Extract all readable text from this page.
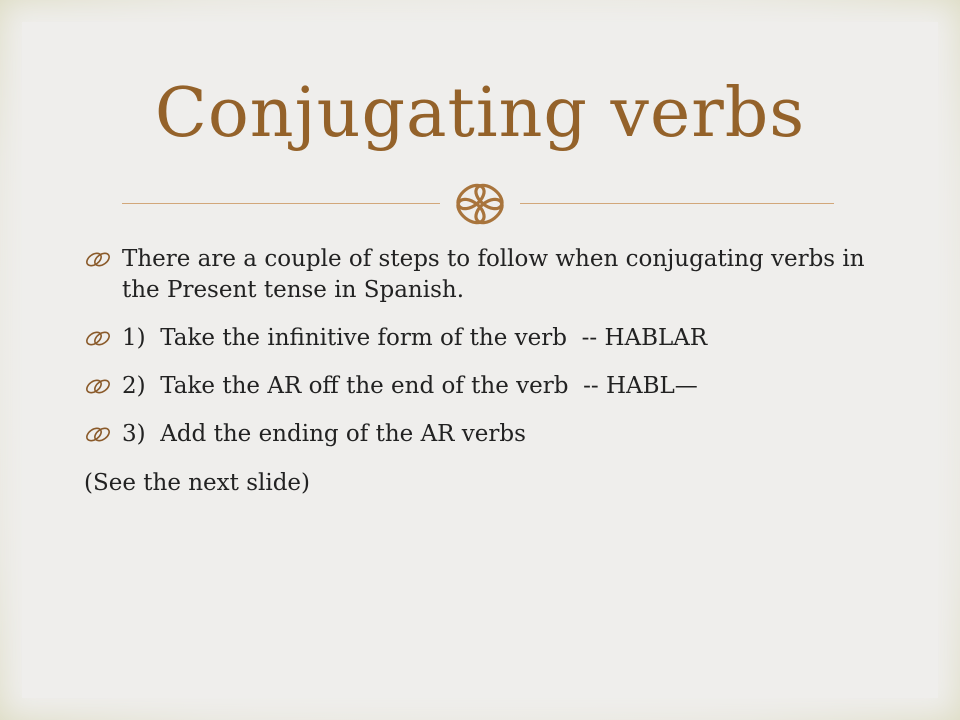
Conjugating verbs
There are a couple of steps to follow when conjugating verbs in the Present tense in Spanish.
1)  Take the infinitive form of the verb  -- HABLAR
2)  Take the AR off the end of the verb  -- HABL—
3)  Add the ending of the AR verbs
(See the next slide)
